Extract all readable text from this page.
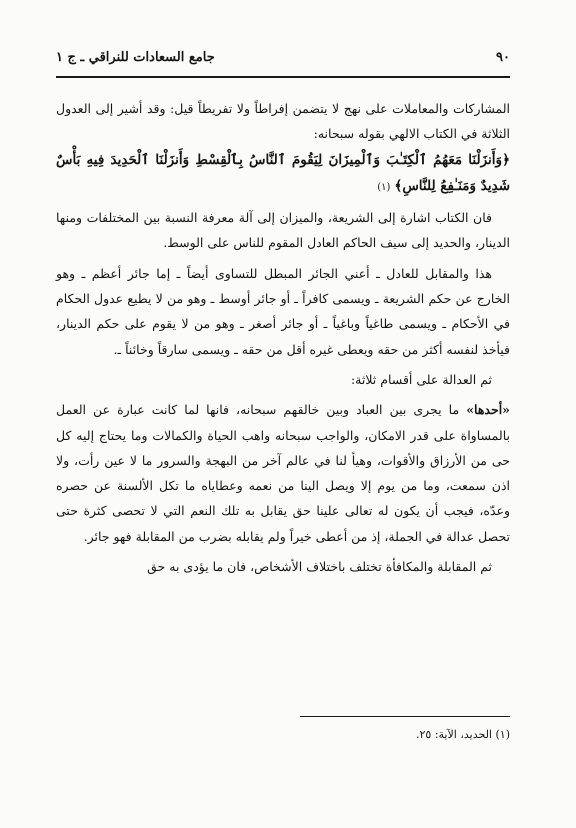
٩٠
جامع السعادات للنراقي ـ ج ١

المشاركات والمعاملات على نهج لا يتضمن إفراطاً ولا تفريطاً قيل: وقد أشير إلى العدول الثلاثة في الكتاب الالهي بقوله سبحانه:

﴿وَأَنزَلْنَا مَعَهُمُ ٱلْكِتَـٰبَ وَٱلْمِيزَانَ لِيَقُومَ ٱلنَّاسُ بِٱلْقِسْطِ وَأَنزَلْنَا ٱلْحَدِيدَ فِيهِ بَأْسٌ شَدِيدٌ وَمَنَـٰفِعُ لِلنَّاسِ﴾ (١)

فان الكتاب اشارة إلى الشريعة، والميزان إلى آلة معرفة النسبة بين المختلفات ومنها الدينار، والحديد إلى سيف الحاكم العادل المقوم للناس على الوسط.

هذا والمقابل للعادل ـ أعني الجائر المبطل للتساوى أيضاً ـ إما جائر أعظم ـ وهو الخارج عن حكم الشريعة ـ ويسمى كافراً ـ أو جائر أوسط ـ وهو من لا يطيع عدول الحكام في الأحكام ـ ويسمى طاغياً وباغياً ـ أو جائر أصغر ـ وهو من لا يقوم على حكم الدينار، فيأخذ لنفسه أكثر من حقه ويعطى غيره أقل من حقه ـ ويسمى سارقاً وخائناً ـ.

ثم العدالة على أقسام ثلاثة:

«أحدها» ما يجرى بين العباد وبين خالقهم سبحانه، فانها لما كانت عبارة عن العمل بالمساواة على قدر الامكان، والواجب سبحانه واهب الحياة والكمالات وما يحتاج إليه كل حى من الأرزاق والأقوات، وهيأ لنا في عالم آخر من البهجة والسرور ما لا عين رأت، ولا اذن سمعت، وما من يوم إلا ويصل الينا من نعمه وعطاياه ما تكل الألسنة عن حصره وعدّه، فيجب أن يكون له تعالى علينا حق يقابل به تلك النعم التي لا تحصى كثرة حتى تحصل عدالة في الجملة، إذ من أعطى خيراً ولم يقابله بضرب من المقابلة فهو جائر.

ثم المقابلة والمكافأة تختلف باختلاف الأشخاص، فان ما يؤدى به حق

(١) الحديد، الآية: ٢٥.
